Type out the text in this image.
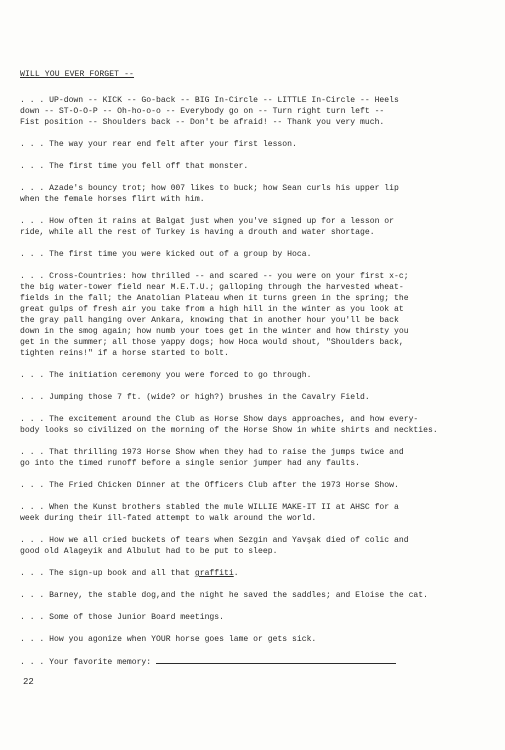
WILL YOU EVER FORGET --
. . . UP-down -- KICK -- Go-back -- BIG In-Circle -- LITTLE In-Circle -- Heels
down -- ST-O-O-P -- Oh-ho-o-o -- Everybody go on -- Turn right turn left --
Fist position -- Shoulders back -- Don't be afraid! -- Thank you very much.
. . . The way your rear end felt after your first lesson.
. . . The first time you fell off that monster.
. . . Azade's bouncy trot; how 007 likes to buck; how Sean curls his upper lip
when the female horses flirt with him.
. . . How often it rains at Balgat just when you've signed up for a lesson or
ride, while all the rest of Turkey is having a drouth and water shortage.
. . . The first time you were kicked out of a group by Hoca.
. . . Cross-Countries: how thrilled -- and scared -- you were on your first x-c;
the big water-tower field near M.E.T.U.; galloping through the harvested wheat-
fields in the fall; the Anatolian Plateau when it turns green in the spring; the
great gulps of fresh air you take from a high hill in the winter as you look at
the gray pall hanging over Ankara, knowing that in another hour you'll be back
down in the smog again; how numb your toes get in the winter and how thirsty you
get in the summer; all those yappy dogs; how Hoca would shout, "Shoulders back,
tighten reins!" if a horse started to bolt.
. . . The initiation ceremony you were forced to go through.
. . . Jumping those 7 ft. (wide? or high?) brushes in the Cavalry Field.
. . . The excitement around the Club as Horse Show days approaches, and how every-
body looks so civilized on the morning of the Horse Show in white shirts and neckties.
. . . That thrilling 1973 Horse Show when they had to raise the jumps twice and
go into the timed runoff before a single senior jumper had any faults.
. . . The Fried Chicken Dinner at the Officers Club after the 1973 Horse Show.
. . . When the Kunst brothers stabled the mule WILLIE MAKE-IT II at AHSC for a
week during their ill-fated attempt to walk around the world.
. . . How we all cried buckets of tears when Sezgin and Yavşak died of colic and
good old Alageyik and Albulut had to be put to sleep.
. . . The sign-up book and all that graffiti.
. . . Barney, the stable dog,and the night he saved the saddles; and Eloise the cat.
. . . Some of those Junior Board meetings.
. . . How you agonize when YOUR horse goes lame or gets sick.
. . . Your favorite memory:
22
